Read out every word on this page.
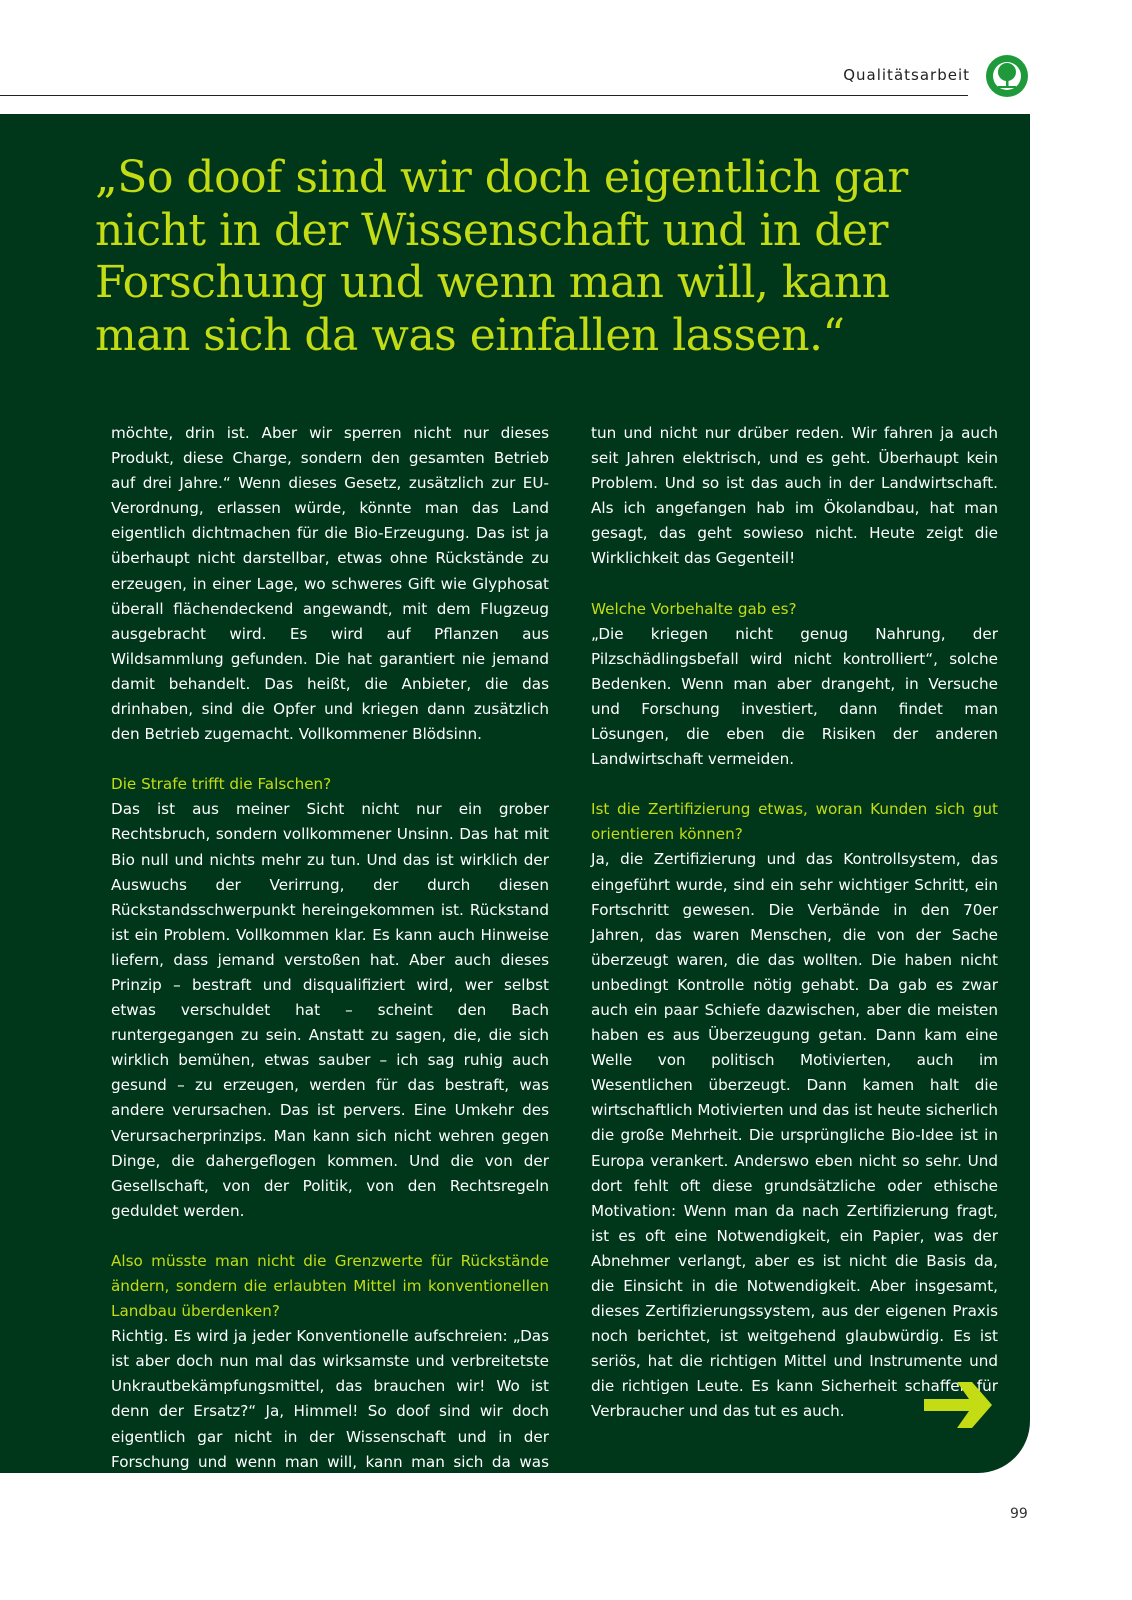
Qualitätsarbeit
„So doof sind wir doch eigentlich gar nicht in der Wissenschaft und in der Forschung und wenn man will, kann man sich da was einfallen lassen.“

möchte, drin ist. Aber wir sperren nicht nur dieses Produkt, diese Charge, sondern den gesamten Betrieb auf drei Jahre.“ Wenn dieses Gesetz, zusätzlich zur EU-Verordnung, erlassen würde, könnte man das Land eigentlich dichtmachen für die Bio-Erzeugung. Das ist ja überhaupt nicht darstellbar, etwas ohne Rückstände zu erzeugen, in einer Lage, wo schweres Gift wie Glyphosat überall flächendeckend angewandt, mit dem Flugzeug ausgebracht wird. Es wird auf Pflanzen aus Wildsammlung gefunden. Die hat garantiert nie jemand damit behandelt. Das heißt, die Anbieter, die das drinhaben, sind die Opfer und kriegen dann zusätzlich den Betrieb zugemacht. Vollkommener Blödsinn.

Die Strafe trifft die Falschen?

Das ist aus meiner Sicht nicht nur ein grober Rechtsbruch, sondern vollkommener Unsinn. Das hat mit Bio null und nichts mehr zu tun. Und das ist wirklich der Auswuchs der Verirrung, der durch diesen Rückstandsschwerpunkt hereingekommen ist. Rückstand ist ein Problem. Vollkommen klar. Es kann auch Hinweise liefern, dass jemand verstoßen hat. Aber auch dieses Prinzip – bestraft und disqualifiziert wird, wer selbst etwas verschuldet hat – scheint den Bach runtergegangen zu sein. Anstatt zu sagen, die, die sich wirklich bemühen, etwas sauber – ich sag ruhig auch gesund – zu erzeugen, werden für das bestraft, was andere verursachen. Das ist pervers. Eine Umkehr des Verursacherprinzips. Man kann sich nicht wehren gegen Dinge, die dahergeflogen kommen. Und die von der Gesellschaft, von der Politik, von den Rechtsregeln geduldet werden.

Also müsste man nicht die Grenzwerte für Rückstände ändern, sondern die erlaubten Mittel im konventionellen Landbau überdenken?

Richtig. Es wird ja jeder Konventionelle aufschreien: „Das ist aber doch nun mal das wirksamste und verbreitetste Unkrautbekämpfungsmittel, das brauchen wir! Wo ist denn der Ersatz?“ Ja, Himmel! So doof sind wir doch eigentlich gar nicht in der Wissenschaft und in der Forschung und wenn man will, kann man sich da was einfallen lassen. Siehe die Entwicklung der Automobilindustrie. Man muss es nur selber

tun und nicht nur drüber reden. Wir fahren ja auch seit Jahren elektrisch, und es geht. Überhaupt kein Problem. Und so ist das auch in der Landwirtschaft. Als ich angefangen hab im Ökolandbau, hat man gesagt, das geht sowieso nicht. Heute zeigt die Wirklichkeit das Gegenteil!

Welche Vorbehalte gab es?

„Die kriegen nicht genug Nahrung, der Pilzschädlingsbefall wird nicht kontrolliert“, solche Bedenken. Wenn man aber drangeht, in Versuche und Forschung investiert, dann findet man Lösungen, die eben die Risiken der anderen Landwirtschaft vermeiden.

Ist die Zertifizierung etwas, woran Kunden sich gut orientieren können?

Ja, die Zertifizierung und das Kontrollsystem, das eingeführt wurde, sind ein sehr wichtiger Schritt, ein Fortschritt gewesen. Die Verbände in den 70er Jahren, das waren Menschen, die von der Sache überzeugt waren, die das wollten. Die haben nicht unbedingt Kontrolle nötig gehabt. Da gab es zwar auch ein paar Schiefe dazwischen, aber die meisten haben es aus Überzeugung getan. Dann kam eine Welle von politisch Motivierten, auch im Wesentlichen überzeugt. Dann kamen halt die wirtschaftlich Motivierten und das ist heute sicherlich die große Mehrheit. Die ursprüngliche Bio-Idee ist in Europa verankert. Anderswo eben nicht so sehr. Und dort fehlt oft diese grundsätzliche oder ethische Motivation: Wenn man da nach Zertifizierung fragt, ist es oft eine Notwendigkeit, ein Papier, was der Abnehmer verlangt, aber es ist nicht die Basis da, die Einsicht in die Notwendigkeit. Aber insgesamt, dieses Zertifizierungssystem, aus der eigenen Praxis noch berichtet, ist weitgehend glaubwürdig. Es ist seriös, hat die richtigen Mittel und Instrumente und die richtigen Leute. Es kann Sicherheit schaffen für Verbraucher und das tut es auch.

99
